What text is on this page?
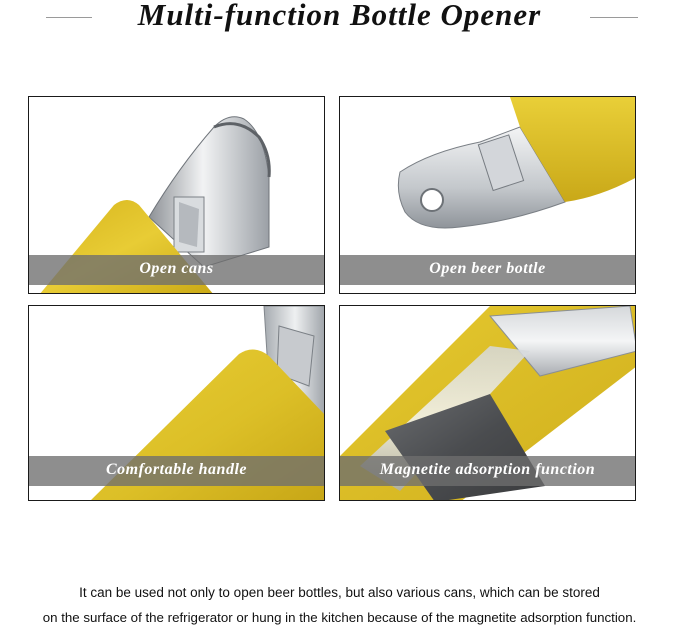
Multi-function Bottle Opener
Open cans	Open beer bottle
Comfortable handle	Magnetite adsorption function
It can be used not only to open beer bottles, but also various cans, which can be stored
on the surface of the refrigerator or hung in the kitchen because of the magnetite adsorption function.
